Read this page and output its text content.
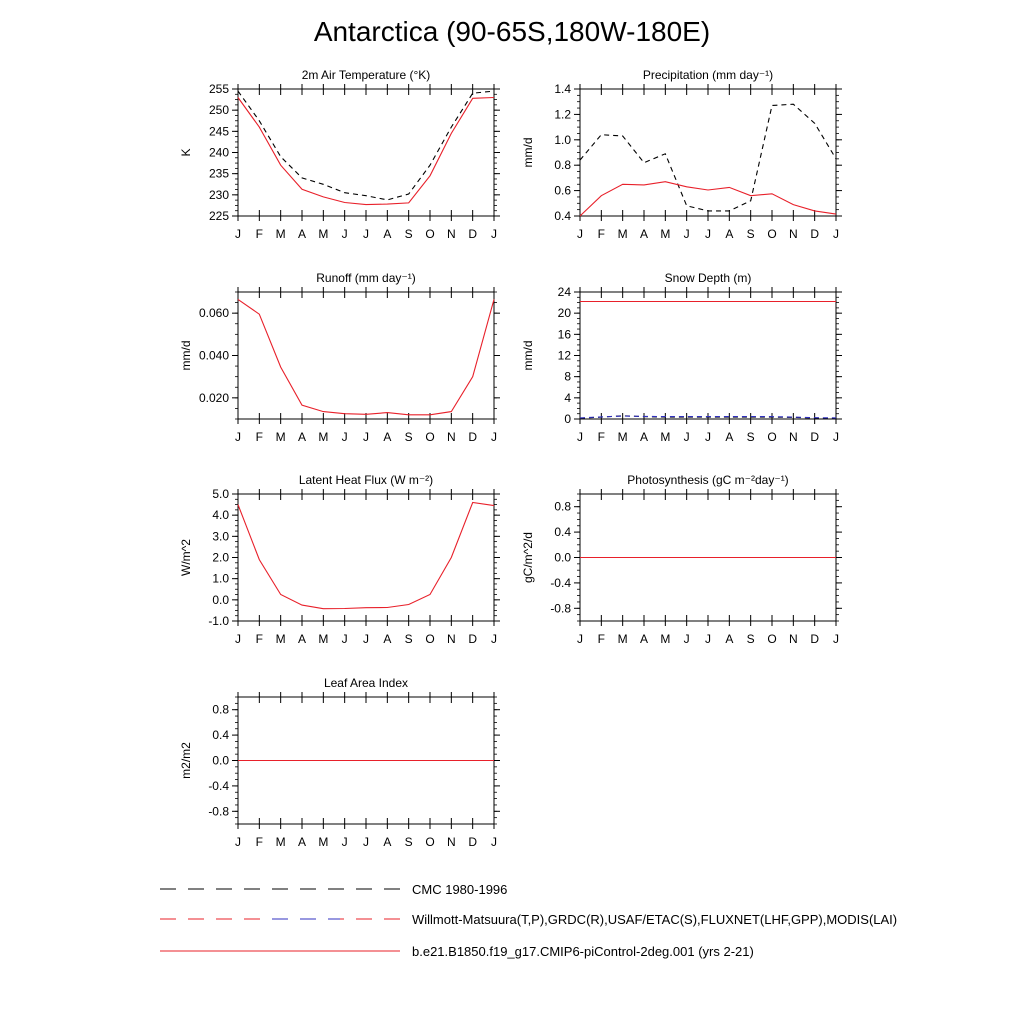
Antarctica (90-65S,180W-180E)
2m Air Temperature (°K)
J F M A M J J A S O N D J
225
230
235
240
245
250
255
K
Precipitation (mm day⁻¹)
J F M A M J J A S O N D J
0.4
0.6
0.8
1.0
1.2
1.4
mm/d
Runoff (mm day⁻¹)
J F M A M J J A S O N D J
0.020
0.040
0.060
mm/d
Snow Depth (m)
J F M A M J J A S O N D J
0
4
8
12
16
20
24
mm/d
Latent Heat Flux (W m⁻²)
J F M A M J J A S O N D J
-1.0
0.0
1.0
2.0
3.0
4.0
5.0
W/m^2
Photosynthesis (gC m⁻²day⁻¹)
J F M A M J J A S O N D J
-0.8
-0.4
0.0
0.4
0.8
gC/m^2/d
Leaf Area Index
J F M A M J J A S O N D J
-0.8
-0.4
0.0
0.4
0.8
m2/m2
CMC 1980-1996
Willmott-Matsuura(T,P),GRDC(R),USAF/ETAC(S),FLUXNET(LHF,GPP),MODIS(LAI)
b.e21.B1850.f19_g17.CMIP6-piControl-2deg.001 (yrs 2-21)
